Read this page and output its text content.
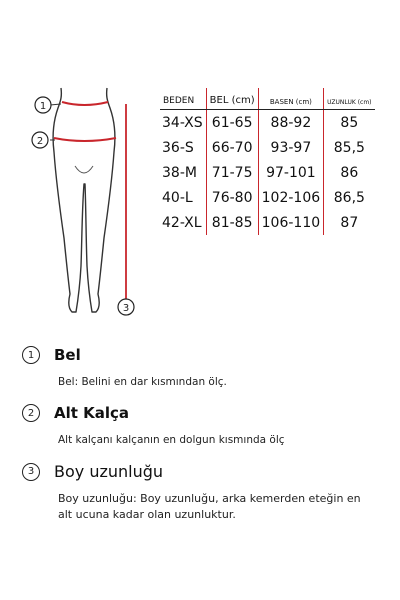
1
2
3
BEDEN	BEL (cm)	BASEN (cm)	UZUNLUK (cm)
34-XS	61-65	88-92	85
36-S	66-70	93-97	85,5
38-M	71-75	97-101	86
40-L	76-80	102-106	86,5
42-XL	81-85	106-110	87
1	Bel
Bel: Belini en dar kısmından ölç.
2	Alt Kalça
Alt kalçanı kalçanın en dolgun kısmında ölç
3	Boy uzunluğu
Boy uzunluğu: Boy uzunluğu, arka kemerden eteğin en alt ucuna kadar olan uzunluktur.
